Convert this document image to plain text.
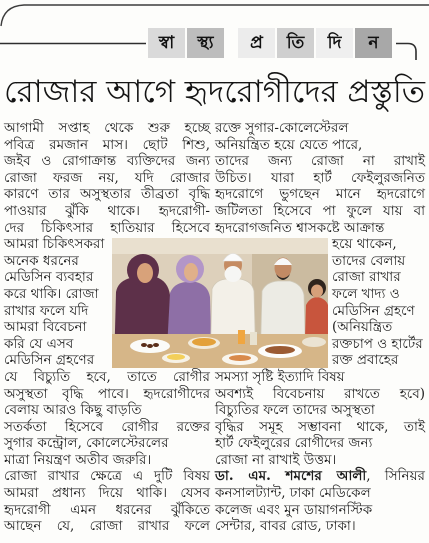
স্বা	স্থ্য	প্র	তি	দি	ন
রোজার আগে হৃদরোগীদের প্রস্তুতি
আগামী সপ্তাহ থেকে শুরু হচ্ছে
পবিত্র রমজান মাস। ছোট শিশু,
জইব ও রোগাক্রান্ত ব্যক্তিদের জন্য
রোজা ফরজ নয়, যদি রোজার
কারণে তার অসুস্থতার তীব্রতা বৃদ্ধি
পাওয়ার ঝুঁকি থাকে। হৃদরোগী-
দের চিকিৎসার হাতিয়ার হিসেবে
আমরা চিকিৎসকরা
অনেক ধরনের
মেডিসিন ব্যবহার
করে থাকি। রোজা
রাখার ফলে যদি
আমরা বিবেচনা
করি যে এসব
মেডিসিন গ্রহণের
যে বিচ্যুতি হবে, তাতে রোগীর
অসুস্থতা বৃদ্ধি পাবে। হৃদরোগীদের
বেলায় আরও কিছু বাড়তি
সতর্কতা হিসেবে রোগীর রক্তের
সুগার কন্ট্রোল, কোলেস্টেরলের
মাত্রা নিয়ন্ত্রণ অতীব জরুরি।
রোজা রাখার ক্ষেত্রে এ দুটি বিষয়
আমরা প্রধান্য দিয়ে থাকি। যেসব
হৃদরোগী এমন ধরনের ঝুঁকিতে
আছেন যে, রোজা রাখার ফলে
রক্তে সুগার-কোলেস্টেরল
অনিয়ন্ত্রিত হয়ে যেতে পারে,
তাদের জন্য রোজা না রাখাই
উচিত। যারা হার্ট ফেইলুরজনিত
হৃদরোগে ভুগছেন মানে হৃদরোগে
জটিলতা হিসেবে পা ফুলে যায় বা
হৃদরোগজনিত শ্বাসকষ্টে আক্রান্ত
হয়ে থাকেন,
তাদের বেলায়
রোজা রাখার
ফলে খাদ্য ও
মেডিসিন গ্রহণে
(অনিয়ন্ত্রিত
রক্তচাপ ও হার্টের
রক্ত প্রবাহের
সমস্যা সৃষ্টি ইত্যাদি বিষয়
অবশ্যই বিবেচনায় রাখতে হবে)
বিচ্যুতির ফলে তাদের অসুস্থতা
বৃদ্ধির সমূহ সম্ভাবনা থাকে, তাই
হার্ট ফেইলুরের রোগীদের জন্য
রোজা না রাখাই উত্তম।
ডা. এম. শমশের আলী, সিনিয়র
কনসালট্যান্ট, ঢাকা মেডিকেল
কলেজ এবং মুন ডায়াগনস্টিক
সেন্টার, বাবর রোড, ঢাকা।
